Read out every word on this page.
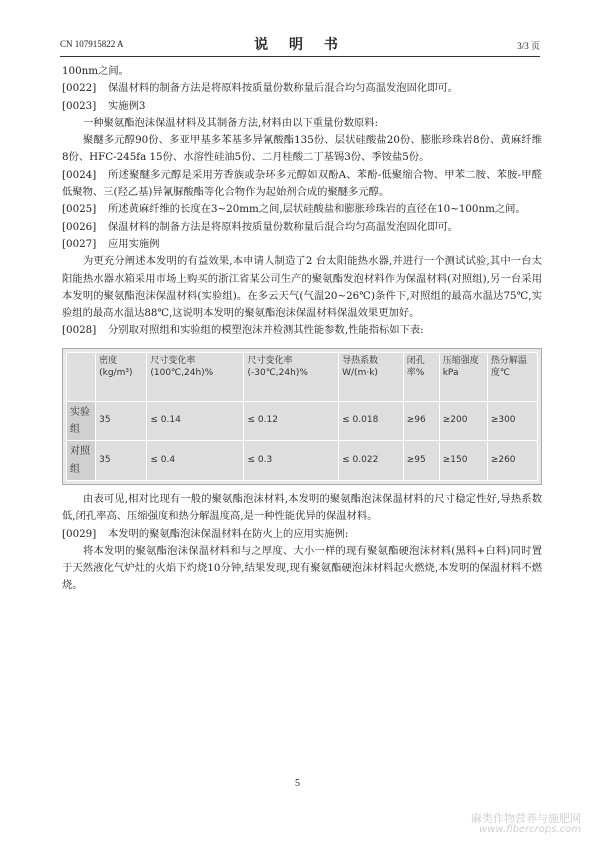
CN 107915822 A	说 明 书	3/3 页

100nm之间。

[0022] 保温材料的制备方法是将原料按质量份数称量后混合均匀高温发泡固化即可。

[0023] 实施例3

一种聚氨酯泡沫保温材料及其制备方法,材料由以下重量份数原料:

聚醚多元醇90份、多亚甲基多苯基多异氰酸酯135份、层状硅酸盐20份、膨胀珍珠岩8份、黄麻纤维8份、HFC-245fa 15份、水溶性硅油5份、二月桂酸二丁基锡3份、季铵盐5份。

[0024] 所述聚醚多元醇是采用芳香族或杂环多元醇如双酚A、苯酚-低聚缩合物、甲苯二胺、苯胺-甲醛低聚物、三(羟乙基)异氰脲酸酯等化合物作为起始剂合成的聚醚多元醇。

[0025] 所述黄麻纤维的长度在3~20mm之间,层状硅酸盐和膨胀珍珠岩的直径在10~100nm之间。

[0026] 保温材料的制备方法是将原料按质量份数称量后混合均匀高温发泡固化即可。

[0027] 应用实施例

为更充分阐述本发明的有益效果,本申请人制造了2 台太阳能热水器,并进行一个测试试验,其中一台太阳能热水器水箱采用市场上购买的浙江省某公司生产的聚氨酯发泡材料作为保温材料(对照组),另一台采用本发明的聚氨酯泡沫保温材料(实验组)。在多云天气(气温20~26℃)条件下,对照组的最高水温达75℃,实验组的最高水温达88℃,这说明本发明的聚氨酯泡沫保温材料保温效果更加好。

[0028] 分别取对照组和实验组的模塑泡沫并检测其性能参数,性能指标如下表:

	密度(kg/m³)	尺寸变化率(100℃,24h)%	尺寸变化率(-30℃,24h)%	导热系数W/(m·k)	闭孔率%	压缩强度kPa	热分解温度℃
实验组	35	≤ 0.14	≤ 0.12	≤ 0.018	≥96	≥200	≥300
对照组	35	≤ 0.4	≤ 0.3	≤ 0.022	≥95	≥150	≥260

由表可见,相对比现有一般的聚氨酯泡沫材料,本发明的聚氨酯泡沫保温材料的尺寸稳定性好,导热系数低,闭孔率高、压缩强度和热分解温度高,是一种性能优异的保温材料。

[0029] 本发明的聚氨酯泡沫保温材料在防火上的应用实施例:

将本发明的聚氨酯泡沫保温材料和与之厚度、大小一样的现有聚氨酯硬泡沫材料(黑料+白料)同时置于天然液化气炉灶的火焰下灼烧10分钟,结果发现,现有聚氨酯硬泡沫材料起火燃烧,本发明的保温材料不燃烧。

5
麻类作物营养与施肥网
www.fibercrops.com
